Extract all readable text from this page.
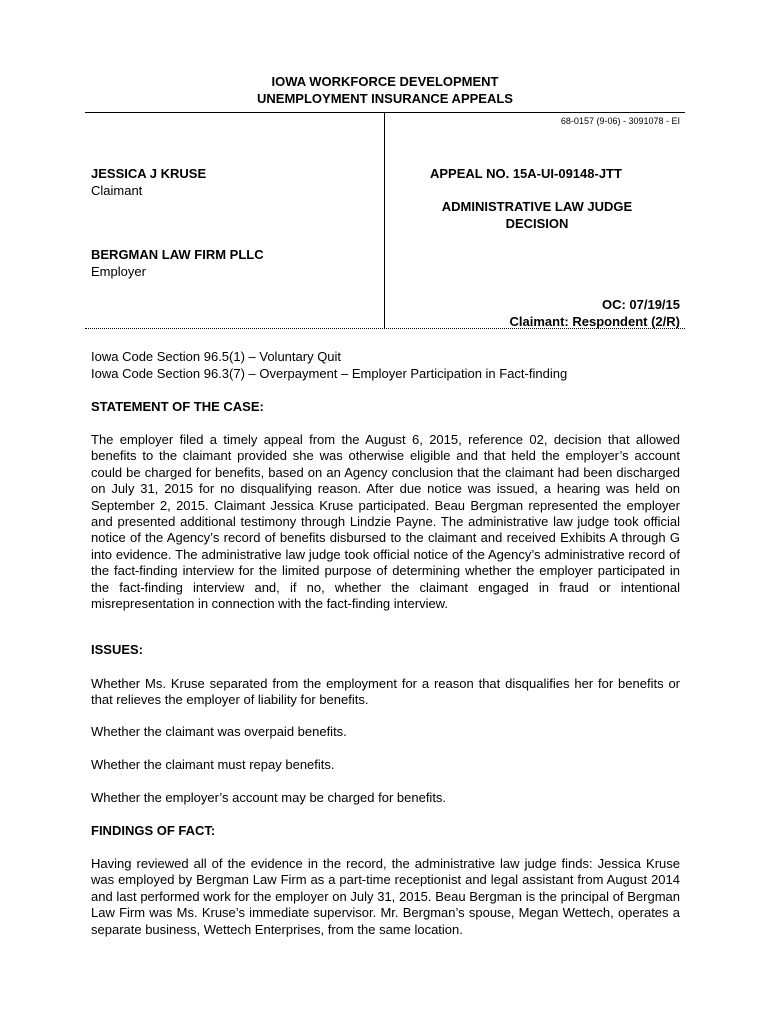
IOWA WORKFORCE DEVELOPMENT
UNEMPLOYMENT INSURANCE APPEALS
68-0157 (9-06) - 3091078 - EI
JESSICA J KRUSE
Claimant
BERGMAN LAW FIRM PLLC
Employer
APPEAL NO. 15A-UI-09148-JTT
ADMINISTRATIVE LAW JUDGE
DECISION
OC: 07/19/15
Claimant: Respondent (2/R)
Iowa Code Section 96.5(1) – Voluntary Quit
Iowa Code Section 96.3(7) – Overpayment – Employer Participation in Fact-finding
STATEMENT OF THE CASE:

The employer filed a timely appeal from the August 6, 2015, reference 02, decision that allowed benefits to the claimant provided she was otherwise eligible and that held the employer’s account could be charged for benefits, based on an Agency conclusion that the claimant had been discharged on July 31, 2015 for no disqualifying reason. After due notice was issued, a hearing was held on September 2, 2015. Claimant Jessica Kruse participated. Beau Bergman represented the employer and presented additional testimony through Lindzie Payne. The administrative law judge took official notice of the Agency’s record of benefits disbursed to the claimant and received Exhibits A through G into evidence. The administrative law judge took official notice of the Agency’s administrative record of the fact-finding interview for the limited purpose of determining whether the employer participated in the fact-finding interview and, if no, whether the claimant engaged in fraud or intentional misrepresentation in connection with the fact-finding interview.

ISSUES:

Whether Ms. Kruse separated from the employment for a reason that disqualifies her for benefits or that relieves the employer of liability for benefits.

Whether the claimant was overpaid benefits.

Whether the claimant must repay benefits.

Whether the employer’s account may be charged for benefits.

FINDINGS OF FACT:

Having reviewed all of the evidence in the record, the administrative law judge finds: Jessica Kruse was employed by Bergman Law Firm as a part-time receptionist and legal assistant from August 2014 and last performed work for the employer on July 31, 2015. Beau Bergman is the principal of Bergman Law Firm was Ms. Kruse’s immediate supervisor. Mr. Bergman’s spouse, Megan Wettech, operates a separate business, Wettech Enterprises, from the same location.
